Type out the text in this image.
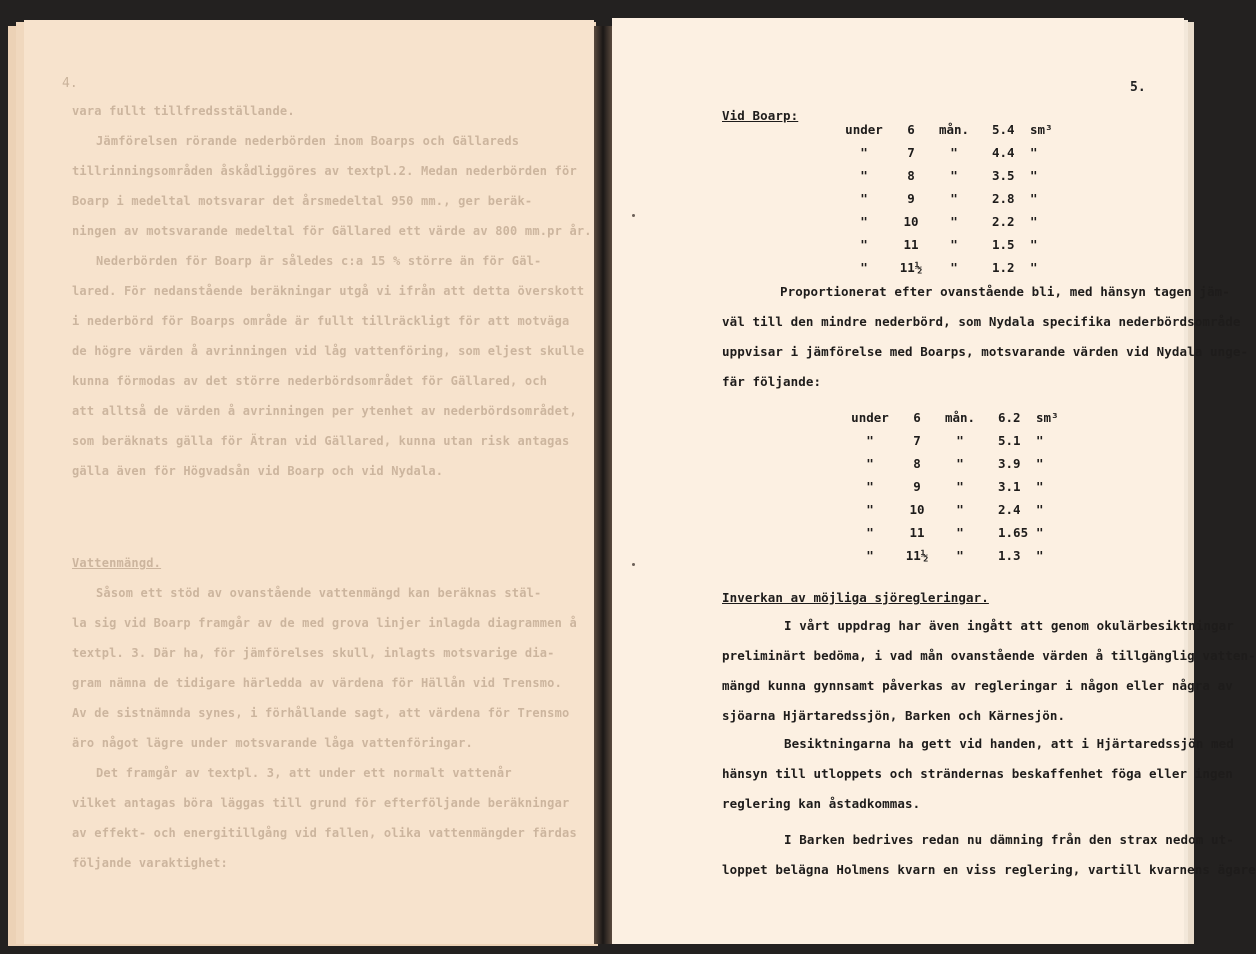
4.
vara fullt tillfredsställande.
Jämförelsen rörande nederbörden inom Boarps och Gällareds
tillrinningsområden åskådliggöres av textpl.2. Medan nederbörden för
Boarp i medeltal motsvarar det årsmedeltal 950 mm., ger beräk-
ningen av motsvarande medeltal för Gällared ett värde av 800 mm.pr år.
Nederbörden för Boarp är således c:a 15 % större än för Gäl-
lared. För nedanstående beräkningar utgå vi ifrån att detta överskott
i nederbörd för Boarps område är fullt tillräckligt för att motväga
de högre värden å avrinningen vid låg vattenföring, som eljest skulle
kunna förmodas av det större nederbördsområdet för Gällared, och
att alltså de värden å avrinningen per ytenhet av nederbördsområdet,
som beräknats gälla för Ätran vid Gällared, kunna utan risk antagas
gälla även för Högvadsån vid Boarp och vid Nydala.
Vattenmängd.
Såsom ett stöd av ovanstående vattenmängd kan beräknas stäl-
la sig vid Boarp framgår av de med grova linjer inlagda diagrammen å
textpl. 3. Där ha, för jämförelses skull, inlagts motsvarige dia-
gram nämna de tidigare härledda av värdena för Hällån vid Trensmo.
Av de sistnämnda synes, i förhållande sagt, att värdena för Trensmo
äro något lägre under motsvarande låga vattenföringar.
Det framgår av textpl. 3, att under ett normalt vattenår
vilket antagas böra läggas till grund för efterföljande beräkningar
av effekt- och energitillgång vid fallen, olika vattenmängder färdas
följande varaktighet:
5.
Vid Boarp:
under	6	mån.	5.4 sm³
"	7	"	4.4 "
"	8	"	3.5 "
"	9	"	2.8 "
"	10	"	2.2 "
"	11	"	1.5 "
"	11½	"	1.2 "
Proportionerat efter ovanstående bli, med hänsyn tagen jäm-
väl till den mindre nederbörd, som Nydala specifika nederbördsområde
uppvisar i jämförelse med Boarps, motsvarande värden vid Nydala unge-
fär följande:
under	6	mån.	6.2 sm³
"	7	"	5.1 "
"	8	"	3.9 "
"	9	"	3.1 "
"	10	"	2.4 "
"	11	"	1.65 "
"	11½	"	1.3 "
Inverkan av möjliga sjöregleringar.
I vårt uppdrag har även ingått att genom okulärbesiktningar
preliminärt bedöma, i vad mån ovanstående värden å tillgänglig vatten-
mängd kunna gynnsamt påverkas av regleringar i någon eller några av
sjöarna Hjärtaredssjön, Barken och Kärnesjön.
Besiktningarna ha gett vid handen, att i Hjärtaredssjön med
hänsyn till utloppets och strändernas beskaffenhet föga eller ingen
reglering kan åstadkommas.
I Barken bedrives redan nu dämning från den strax nedom ut-
loppet belägna Holmens kvarn en viss reglering, vartill kvarnens ägare
